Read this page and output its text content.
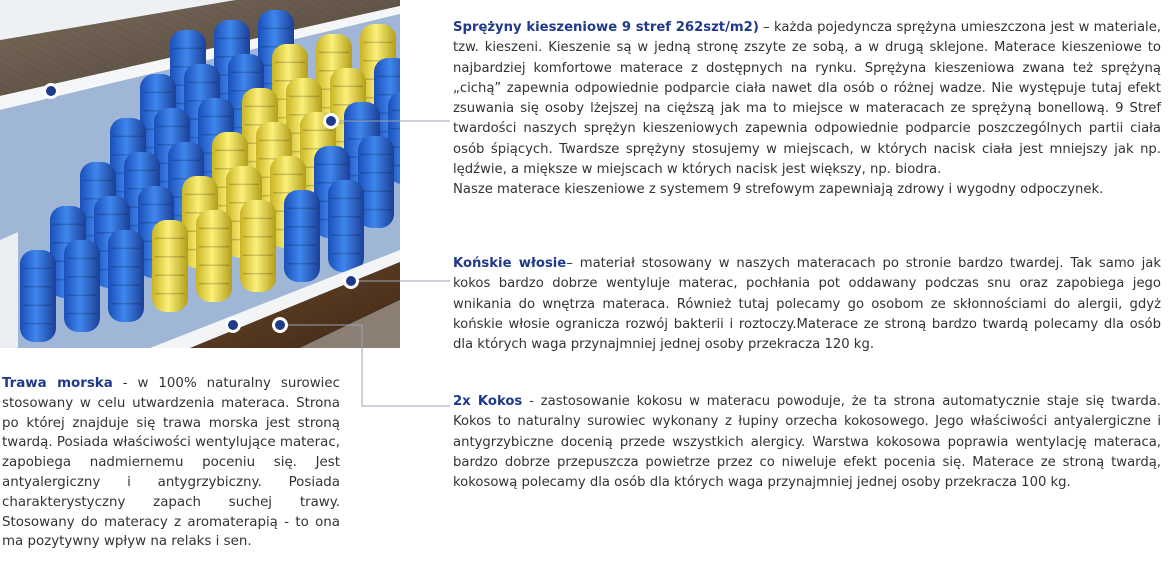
Sprężyny kieszeniowe 9 stref 262szt/m2) – każda pojedyncza sprężyna umieszczona jest w materiale, tzw. kieszeni. Kieszenie są w jedną stronę zszyte ze sobą, a w drugą sklejone. Materace kieszeniowe to najbardziej komfortowe materace z dostępnych na rynku. Sprężyna kieszeniowa zwana też sprężyną „cichą” zapewnia odpowiednie podparcie ciała nawet dla osób o różnej wadze. Nie występuje tutaj efekt zsuwania się osoby lżejszej na cięższą jak ma to miejsce w materacach ze sprężyną bonellową. 9 Stref twardości naszych sprężyn kieszeniowych zapewnia odpowiednie podparcie poszczególnych partii ciała osób śpiących. Twardsze sprężyny stosujemy w miejscach, w których nacisk ciała jest mniejszy jak np. lędźwie, a miększe w miejscach w których nacisk jest większy, np. biodra.

Nasze materace kieszeniowe z systemem 9 strefowym zapewniają zdrowy i wygodny odpoczynek.

Końskie włosie– materiał stosowany w naszych materacach po stronie bardzo twardej. Tak samo jak kokos bardzo dobrze wentyluje materac, pochłania pot oddawany podczas snu oraz zapobiega jego wnikania do wnętrza materaca. Również tutaj polecamy go osobom ze skłonnościami do alergii, gdyż końskie włosie ogranicza rozwój bakterii i roztoczy.Materace ze stroną bardzo twardą polecamy dla osób dla których waga przynajmniej jednej osoby przekracza 120 kg.

2x Kokos - zastosowanie kokosu w materacu powoduje, że ta strona automatycznie staje się twarda. Kokos to naturalny surowiec wykonany z łupiny orzecha kokosowego. Jego właściwości antyalergiczne i antygrzybiczne docenią przede wszystkich alergicy. Warstwa kokosowa poprawia wentylację materaca, bardzo dobrze przepuszcza powietrze przez co niweluje efekt pocenia się. Materace ze stroną twardą, kokosową polecamy dla osób dla których waga przynajmniej jednej osoby przekracza 100 kg.

Trawa morska - w 100% naturalny surowiec stosowany w celu utwardzenia materaca. Strona po której znajduje się trawa morska jest stroną twardą. Posiada właściwości wentylujące materac, zapobiega nadmiernemu poceniu się. Jest antyalergiczny i antygrzybiczny. Posiada charakterystyczny zapach suchej trawy. Stosowany do materacy z aromaterapią - to ona ma pozytywny wpływ na relaks i sen.
